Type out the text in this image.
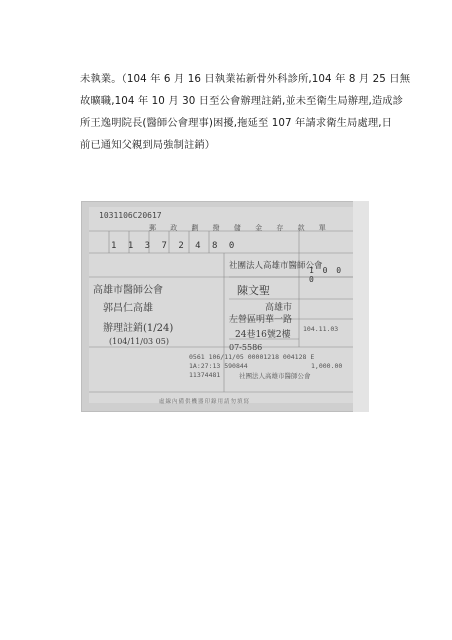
未執業。（104 年 6 月 16 日執業祐新骨外科診所,104 年 8 月 25 日無
故曠職,104 年 10 月 30 日至公會辦理註銷,並未至衛生局辦理,造成診
所王逸明院長(醫師公會理事)困擾,拖延至 107 年請求衛生局處理,日
前已通知父親到局強制註銷）
1031106C20617
郵 政 劃 撥 儲 金 存 款 單
1 1 3 7 2 4 8 0
1 0 0 0
高雄市醫師公會
郭昌仁高雄
辦理註銷(1/24)
(104/11/03 05)
社團法人高雄市醫師公會
陳文聖
高雄市
左營區明華一路
24巷16號2樓
07-5586
104.11.03
0561 106/11/05 00001218 004128 E
1A:27:13 590844
11374481	社團法人高雄市醫師公會
1,000.00
虛線內備供機器印錄用請勿填寫
